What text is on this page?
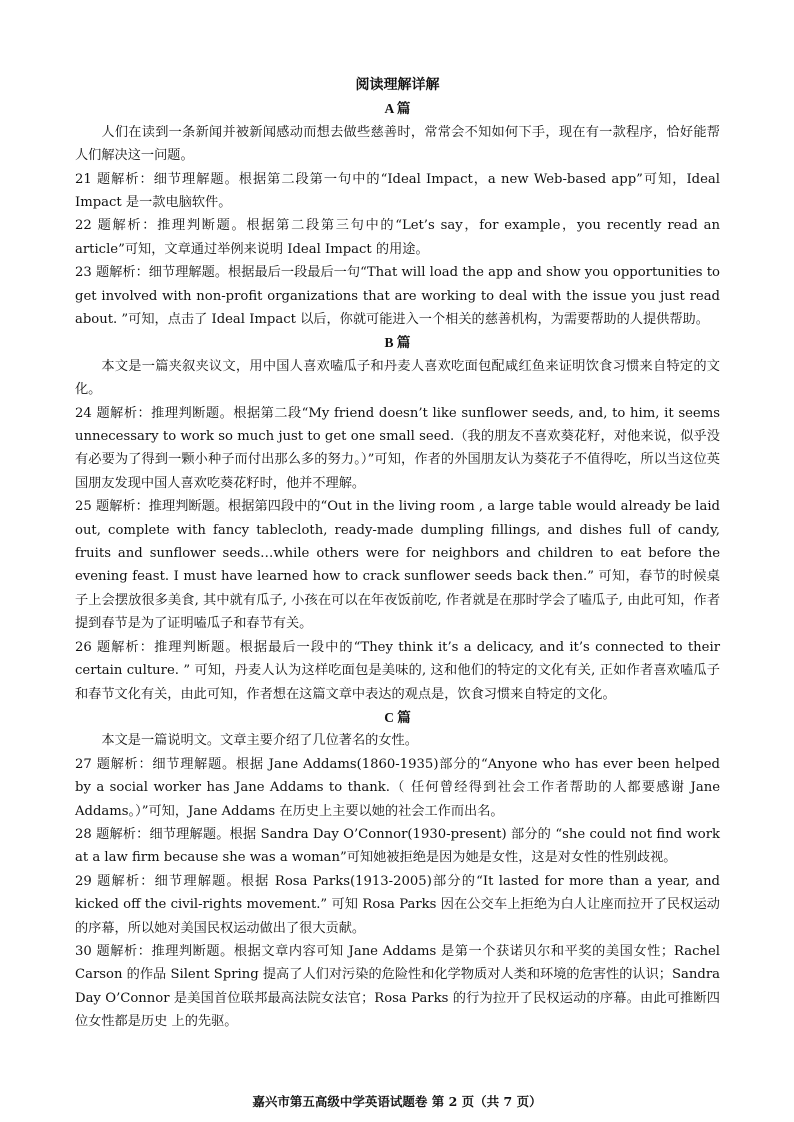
阅读理解详解
A 篇

人们在读到一条新闻并被新闻感动而想去做些慈善时，常常会不知如何下手，现在有一款程序，恰好能帮人们解决这一问题。

21 题解析：细节理解题。根据第二段第一句中的“Ideal Impact，a new Web-based app”可知，Ideal Impact 是一款电脑软件。

22 题解析：推理判断题。根据第二段第三句中的“Let’s say，for example，you recently read an article”可知，文章通过举例来说明 Ideal Impact 的用途。

23 题解析：细节理解题。根据最后一段最后一句“That will load the app and show you opportunities to get involved with non-profit organizations that are working to deal with the issue you just read about. ”可知，点击了 Ideal Impact 以后，你就可能进入一个相关的慈善机构，为需要帮助的人提供帮助。

B 篇

本文是一篇夹叙夹议文，用中国人喜欢嗑瓜子和丹麦人喜欢吃面包配咸红鱼来证明饮食习惯来自特定的文化。

24 题解析：推理判断题。根据第二段“My friend doesn’t like sunflower seeds, and, to him, it seems unnecessary to work so much just to get one small seed.（我的朋友不喜欢葵花籽，对他来说，似乎没有必要为了得到一颗小种子而付出那么多的努力。）”可知，作者的外国朋友认为葵花子不值得吃，所以当这位英国朋友发现中国人喜欢吃葵花籽时，他并不理解。

25 题解析：推理判断题。根据第四段中的“Out in the living room , a large table would already be laid out, complete with fancy tablecloth, ready-made dumpling fillings, and dishes full of candy, fruits and sunflower seeds…while others were for neighbors and children to eat before the evening feast. I must have learned how to crack sunflower seeds back then.” 可知，春节的时候桌子上会摆放很多美食, 其中就有瓜子, 小孩在可以在年夜饭前吃, 作者就是在那时学会了嗑瓜子, 由此可知，作者提到春节是为了证明嗑瓜子和春节有关。

26 题解析：推理判断题。根据最后一段中的“They think it’s a delicacy, and it’s connected to their certain culture. ” 可知，丹麦人认为这样吃面包是美味的, 这和他们的特定的文化有关, 正如作者喜欢嗑瓜子和春节文化有关，由此可知，作者想在这篇文章中表达的观点是，饮食习惯来自特定的文化。

C 篇

本文是一篇说明文。文章主要介绍了几位著名的女性。

27 题解析：细节理解题。根据 Jane Addams(1860-1935)部分的“Anyone who has ever been helped by a social worker has Jane Addams to thank.（ 任何曾经得到社会工作者帮助的人都要感谢 Jane Addams。）”可知，Jane Addams 在历史上主要以她的社会工作而出名。

28 题解析：细节理解题。根据 Sandra Day O’Connor(1930-present) 部分的 “she could not find work at a law firm because she was a woman”可知她被拒绝是因为她是女性，这是对女性的性别歧视。

29 题解析：细节理解题。根据 Rosa Parks(1913-2005)部分的“It lasted for more than a year, and kicked off the civil-rights movement.” 可知 Rosa Parks 因在公交车上拒绝为白人让座而拉开了民权运动的序幕，所以她对美国民权运动做出了很大贡献。

30 题解析：推理判断题。根据文章内容可知 Jane Addams 是第一个获诺贝尔和平奖的美国女性；Rachel Carson 的作品 Silent Spring 提高了人们对污染的危险性和化学物质对人类和环境的危害性的认识；Sandra Day O’Connor 是美国首位联邦最高法院女法官；Rosa Parks 的行为拉开了民权运动的序幕。由此可推断四位女性都是历史 上的先驱。

嘉兴市第五高级中学英语试题卷 第 2 页（共 7 页）
